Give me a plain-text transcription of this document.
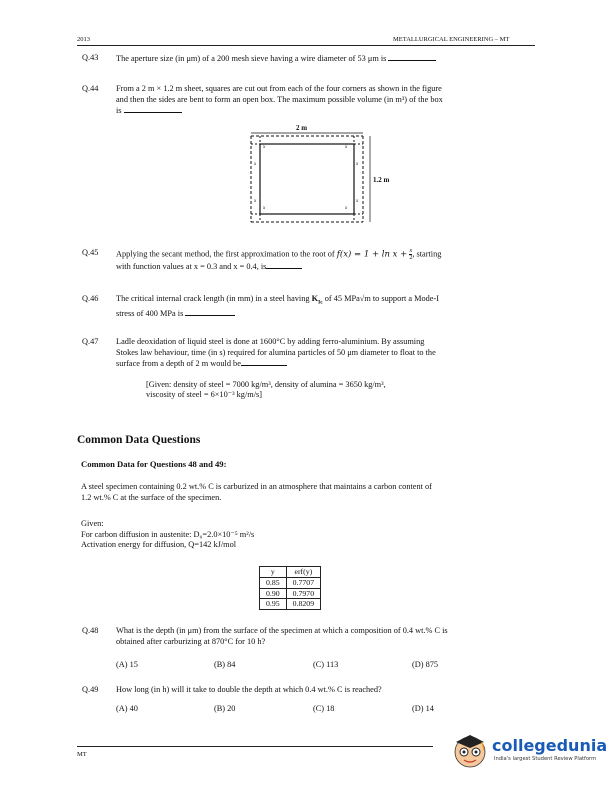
2013	METALLURGICAL ENGINEERING – MT
Q.43	The aperture size (in μm) of a 200 mesh sieve having a wire diameter of 53 μm is
Q.44	From a 2 m × 1.2 m sheet, squares are cut out from each of the four corners as shown in the figure
and then the sides are bent to form an open box. The maximum possible volume (in m³) of the box
is
2 m
1.2 m
x	x
x	x
x	x
x	x
Q.45	Applying the secant method, the first approximation to the root of $f(x) = 1 + \ln x + \frac{x}{2}$ , starting
with function values at x = 0.3 and x = 0.4, is
Q.46	The critical internal crack length (in mm) in a steel having $K_{Ic}$ of 45 MPa√m to support a Mode-I
stress of 400 MPa is
Q.47	Ladle deoxidation of liquid steel is done at 1600°C by adding ferro-aluminium. By assuming
Stokes law behaviour, time (in s) required for alumina particles of 50 μm diameter to float to the
surface from a depth of 2 m would be
[Given: density of steel = 7000 kg/m³, density of alumina = 3650 kg/m³,
viscosity of steel = 6×10⁻³ kg/m/s]
Common Data Questions
Common Data for Questions 48 and 49:
A steel specimen containing 0.2 wt.% C is carburized in an atmosphere that maintains a carbon content of
1.2 wt.% C at the surface of the specimen.
Given:
For carbon diffusion in austenite: D₀=2.0×10⁻⁵ m²/s
Activation energy for diffusion, Q=142 kJ/mol
y	erf(y)
0.85	0.7707
0.90	0.7970
0.95	0.8209
Q.48	What is the depth (in μm) from the surface of the specimen at which a composition of 0.4 wt.% C is
obtained after carburizing at 870°C for 10 h?
(A) 15	(B) 84	(C) 113	(D) 875
Q.49	How long (in h) will it take to double the depth at which 0.4 wt.% C is reached?
(A) 40	(B) 20	(C) 18	(D) 14
MT	collegedunia
India's largest Student Review Platform
